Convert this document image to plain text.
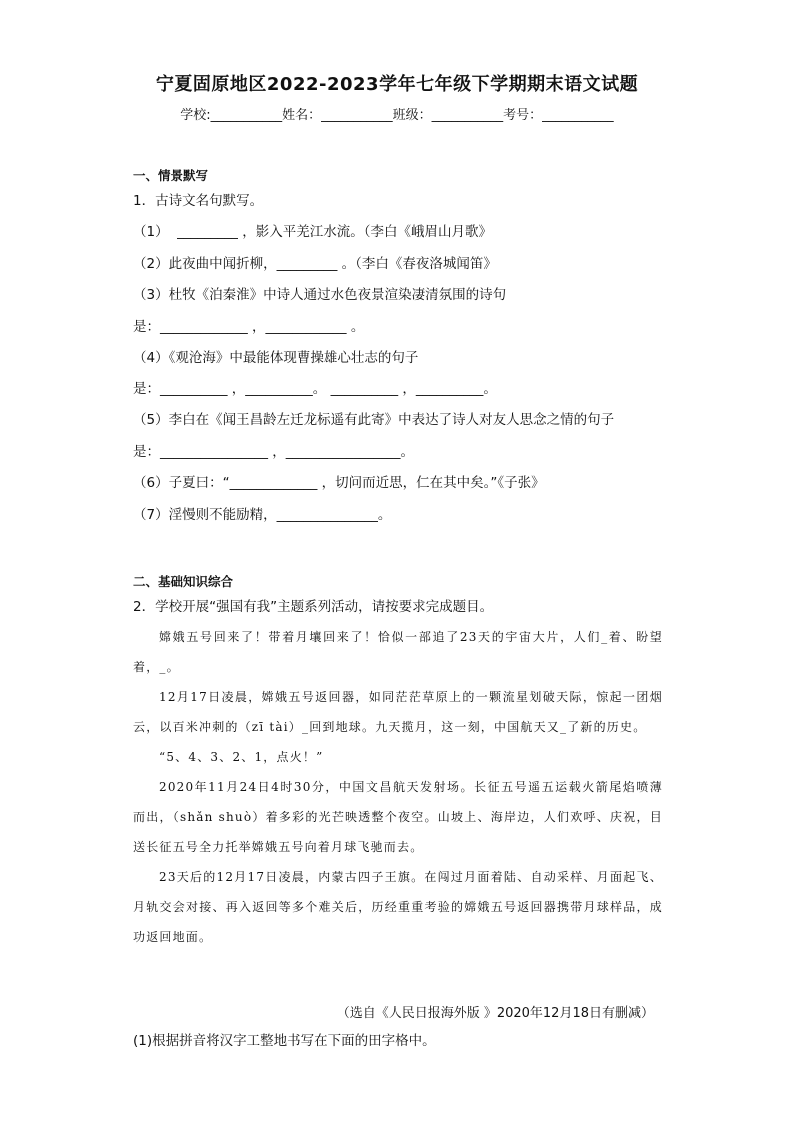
宁夏固原地区2022-2023学年七年级下学期期末语文试题
学校:___________姓名：___________班级：___________考号：___________
一、情景默写
1．古诗文名句默写。
（1）  _________ ，影入平羌江水流。（李白《峨眉山月歌》
（2）此夜曲中闻折柳，_________ 。（李白《春夜洛城闻笛》
（3）杜牧《泊秦淮》中诗人通过水色夜景渲染凄清氛围的诗句
是：_____________ ，____________ 。
（4）《观沧海》中最能体现曹操雄心壮志的句子
是：__________ ，__________。 __________ ，__________。
（5）李白在《闻王昌龄左迁龙标遥有此寄》中表达了诗人对友人思念之情的句子
是：________________ ，_________________。
（6）子夏曰：“_____________ ，切问而近思，仁在其中矣。”《子张》
（7）淫慢则不能励精，_______________。
二、基础知识综合
2．学校开展“强国有我”主题系列活动，请按要求完成题目。
嫦娥五号回来了！带着月壤回来了！恰似一部追了23天的宇宙大片，人们_着、盼望着，_。
12月17日凌晨，嫦娥五号返回器，如同茫茫草原上的一颗流星划破天际，惊起一团烟云，以百米冲刺的（zī tài）_回到地球。九天揽月，这一刻，中国航天又_了新的历史。
“5、4、3、2、1，点火！”
2020年11月24日4时30分，中国文昌航天发射场。长征五号遥五运载火箭尾焰喷薄而出，（shǎn shuò）着多彩的光芒映透整个夜空。山坡上、海岸边，人们欢呼、庆祝，目送长征五号全力托举嫦娥五号向着月球飞驰而去。
23天后的12月17日凌晨，内蒙古四子王旗。在闯过月面着陆、自动采样、月面起飞、月轨交会对接、再入返回等多个难关后，历经重重考验的嫦娥五号返回器携带月球样品，成功返回地面。
（选自《人民日报海外版 》2020年12月18日有删减）
(1)根据拼音将汉字工整地书写在下面的田字格中。
